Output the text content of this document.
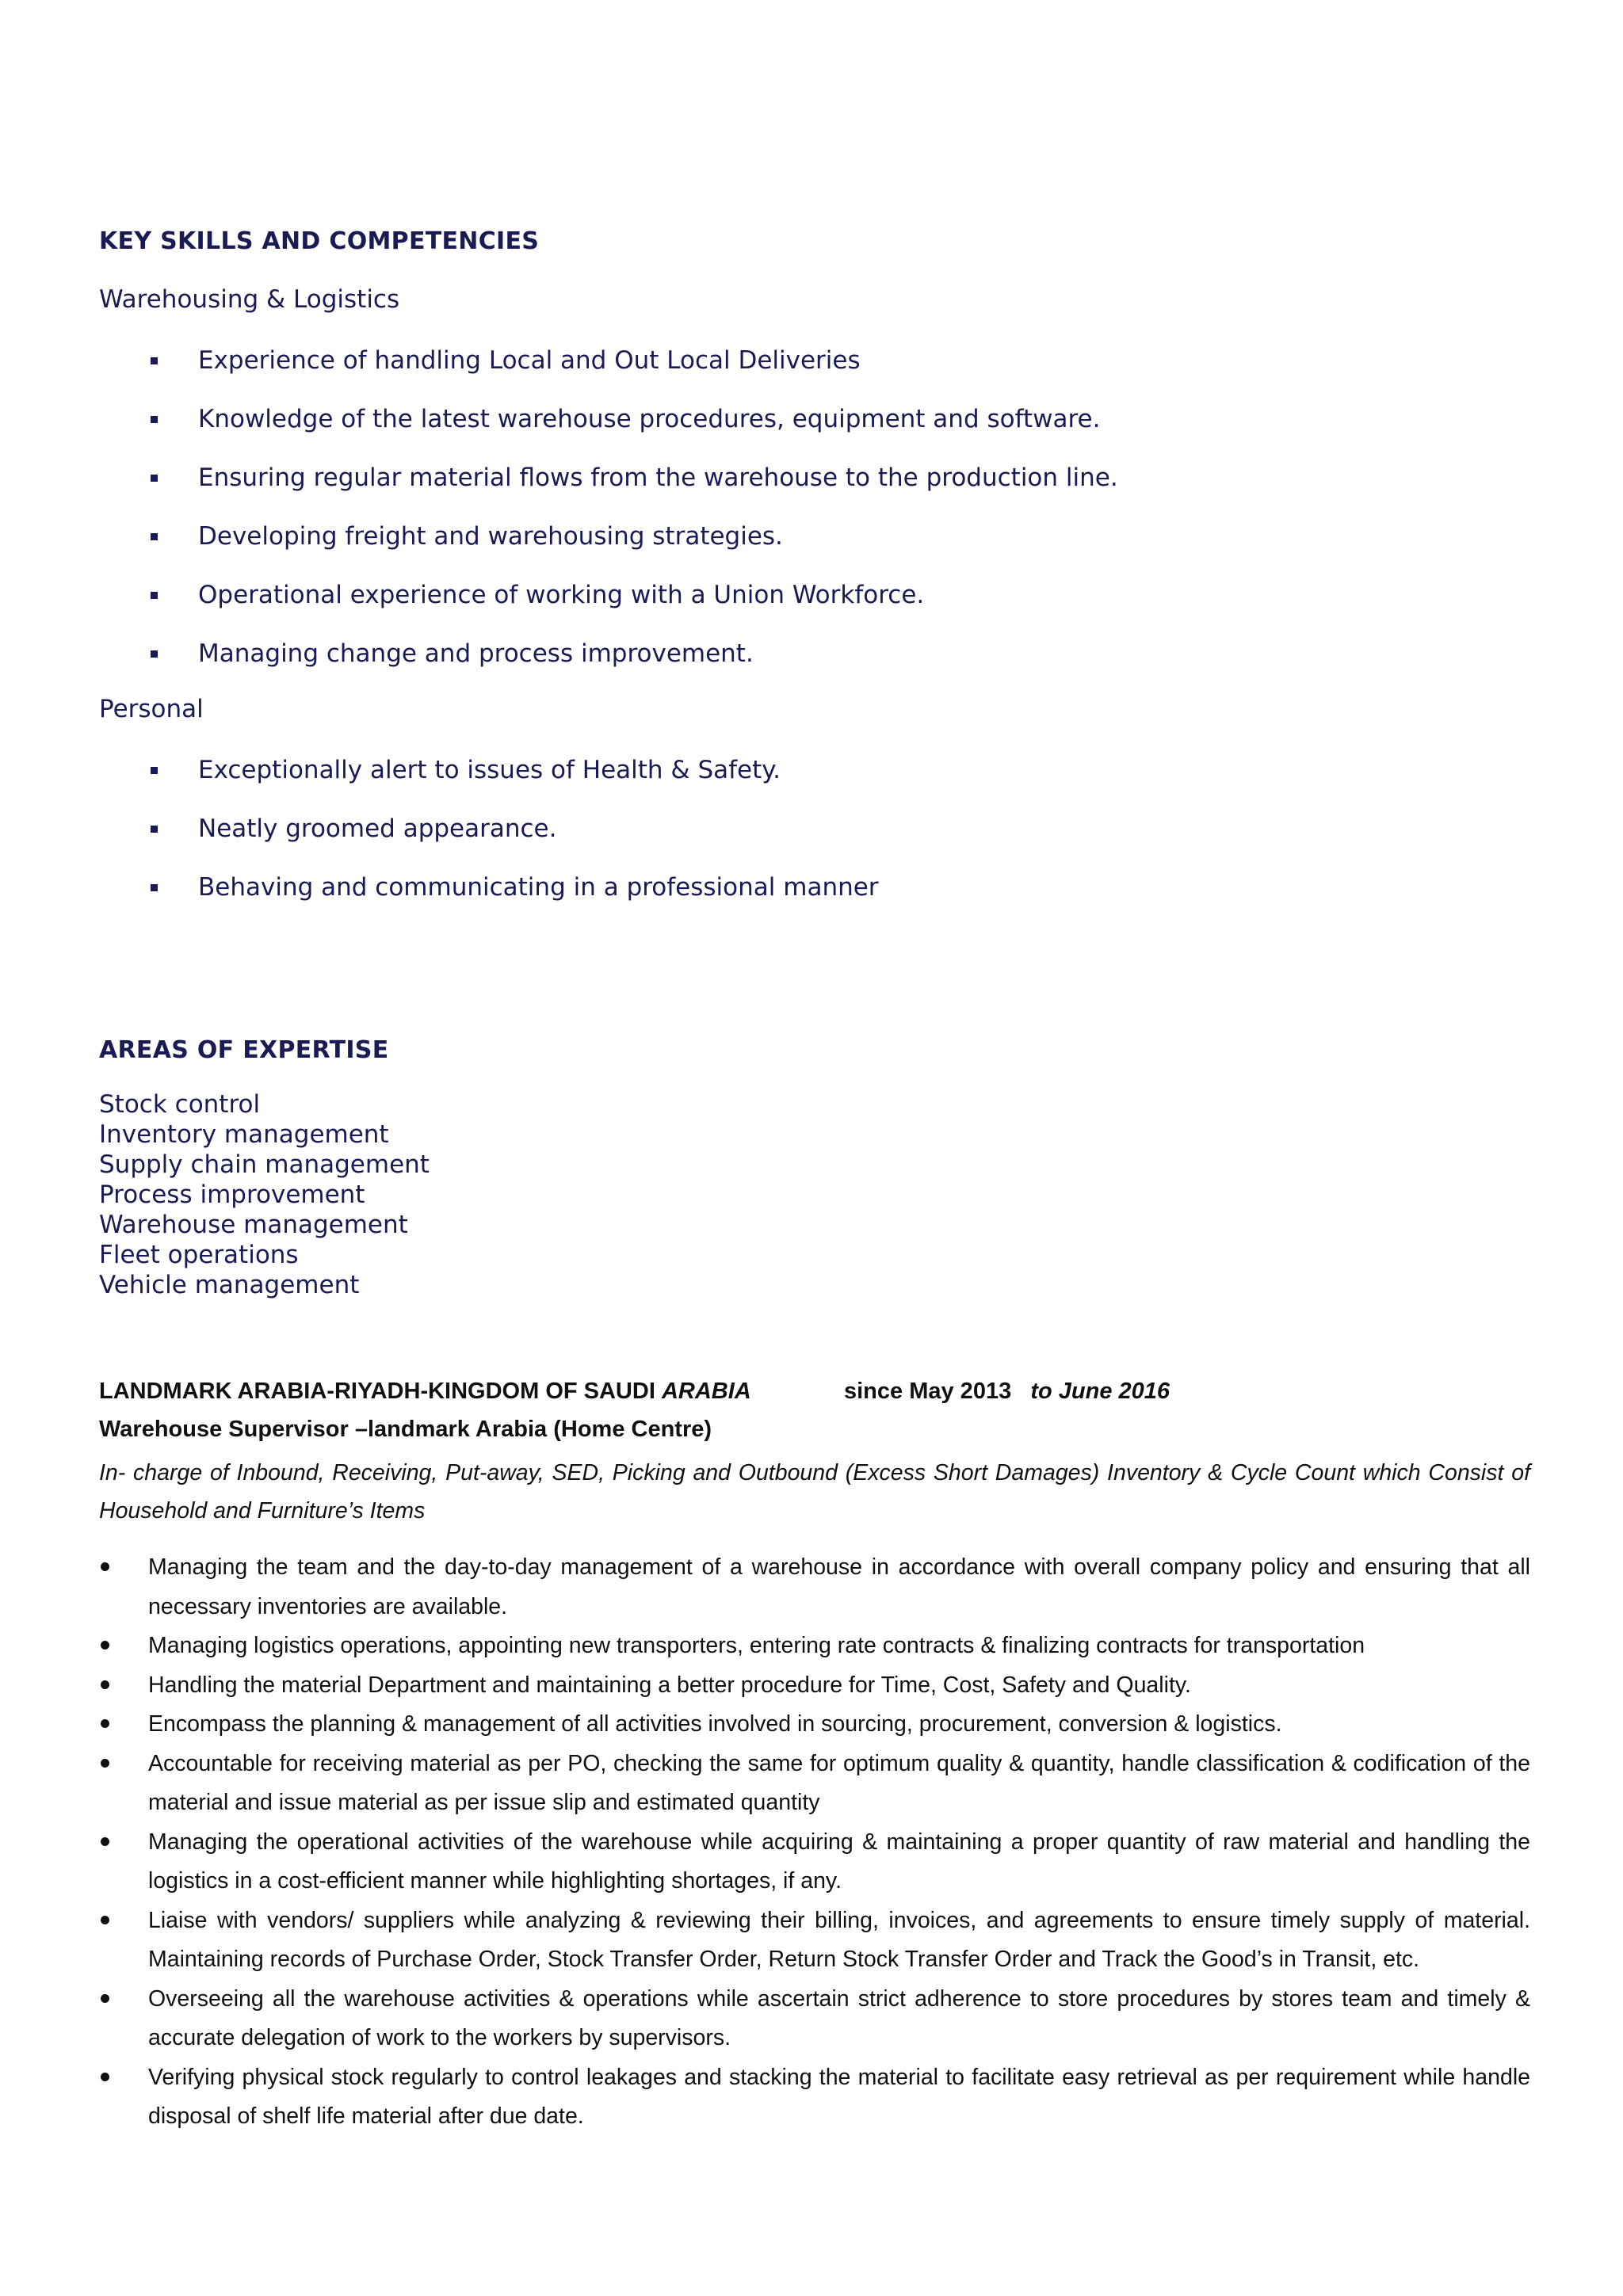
KEY SKILLS AND COMPETENCIES
Warehousing & Logistics
Experience of handling Local and Out Local Deliveries
Knowledge of the latest warehouse procedures, equipment and software.
Ensuring regular material flows from the warehouse to the production line.
Developing freight and warehousing strategies.
Operational experience of working with a Union Workforce.
Managing change and process improvement.
Personal
Exceptionally alert to issues of Health & Safety.
Neatly groomed appearance.
Behaving and communicating in a professional manner
AREAS OF EXPERTISE
Stock control
Inventory management
Supply chain management
Process improvement
Warehouse management
Fleet operations
Vehicle management
LANDMARK ARABIA-RIYADH-KINGDOM OF SAUDI ARABIA	since May 2013   to June 2016
Warehouse Supervisor –landmark Arabia (Home Centre)

In- charge of Inbound, Receiving, Put-away, SED, Picking and Outbound (Excess Short Damages) Inventory & Cycle Count which Consist of Household and Furniture’s Items

Managing the team and the day-to-day management of a warehouse in accordance with overall company policy and ensuring that all necessary inventories are available.
Managing logistics operations, appointing new transporters, entering rate contracts & finalizing contracts for transportation
Handling the material Department and maintaining a better procedure for Time, Cost, Safety and Quality.
Encompass the planning & management of all activities involved in sourcing, procurement, conversion & logistics.
Accountable for receiving material as per PO, checking the same for optimum quality & quantity, handle classification & codification of the material and issue material as per issue slip and estimated quantity
Managing the operational activities of the warehouse while acquiring & maintaining a proper quantity of raw material and handling the logistics in a cost-efficient manner while highlighting shortages, if any.
Liaise with vendors/ suppliers while analyzing & reviewing their billing, invoices, and agreements to ensure timely supply of material. Maintaining records of Purchase Order, Stock Transfer Order, Return Stock Transfer Order and Track the Good’s in Transit, etc.
Overseeing all the warehouse activities & operations while ascertain strict adherence to store procedures by stores team and timely & accurate delegation of work to the workers by supervisors.
Verifying physical stock regularly to control leakages and stacking the material to facilitate easy retrieval as per requirement while handle disposal of shelf life material after due date.
